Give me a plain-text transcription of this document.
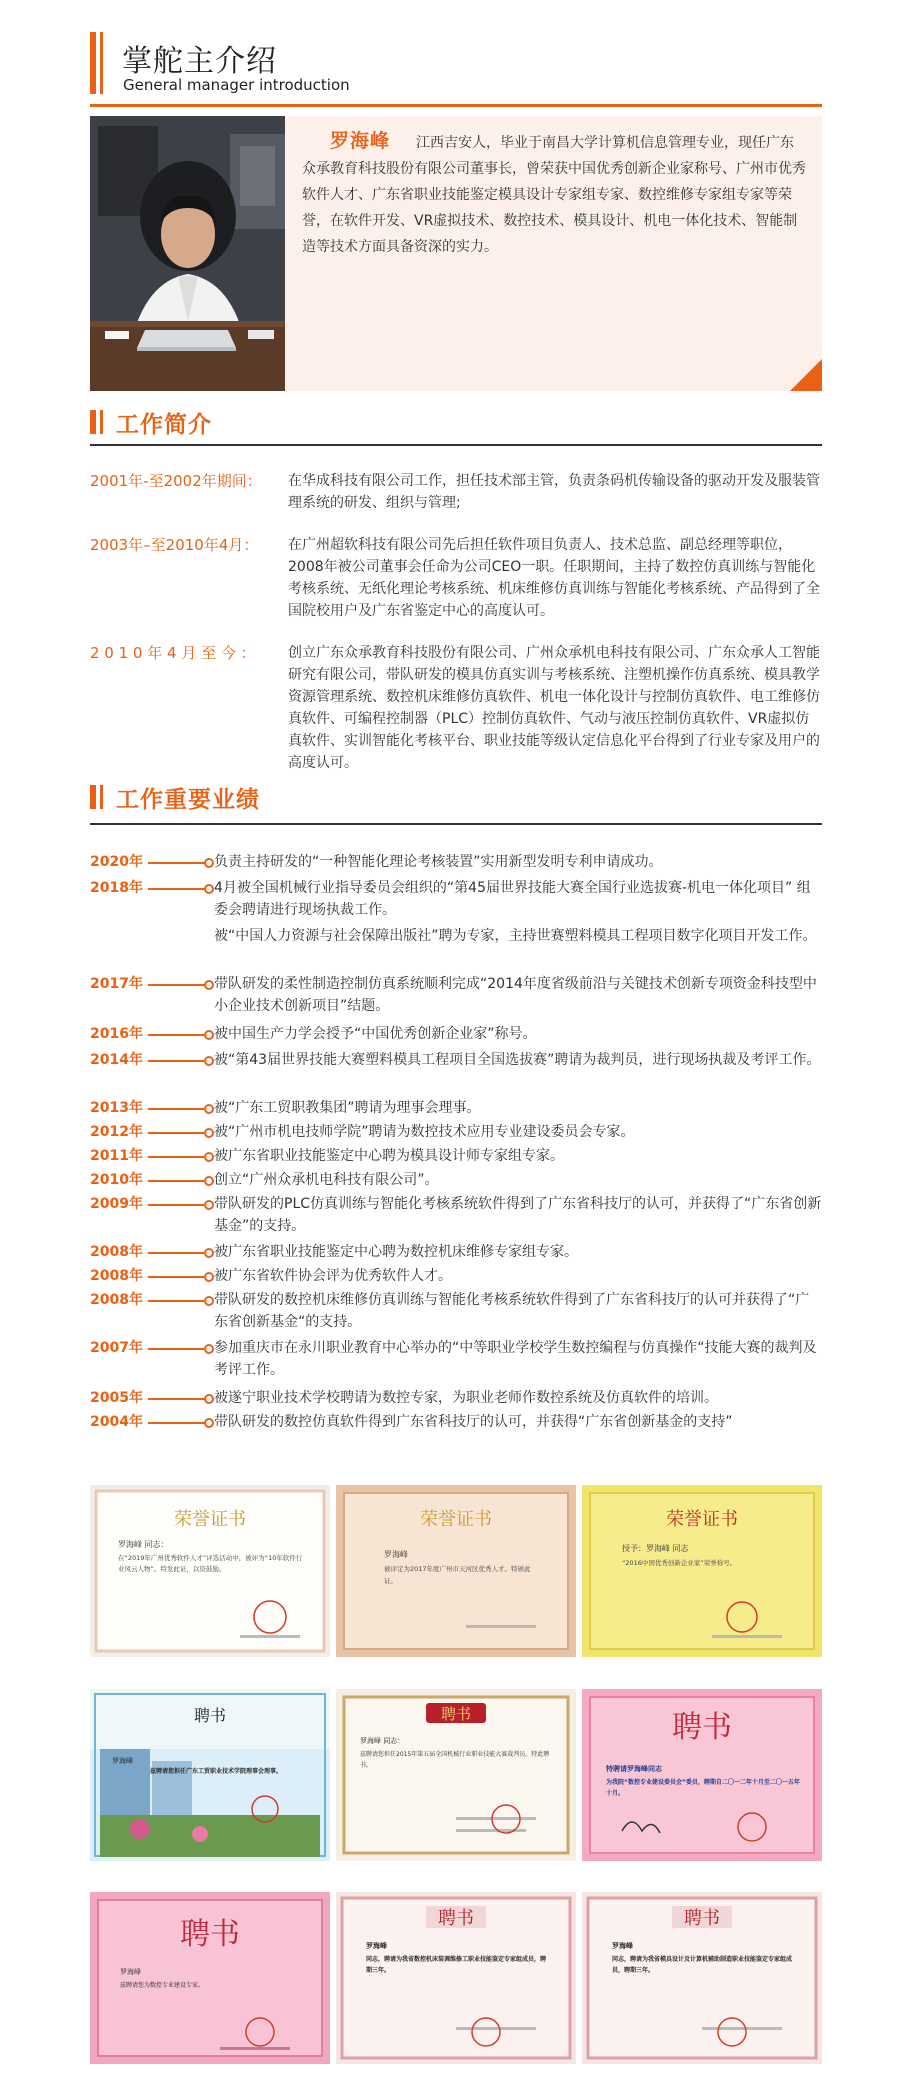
掌舵主介绍
General manager introduction
罗海峰 江西吉安人，毕业于南昌大学计算机信息管理专业，现任广东众承教育科技股份有限公司董事长，曾荣获中国优秀创新企业家称号、广州市优秀软件人才、广东省职业技能鉴定模具设计专家组专家、数控维修专家组专家等荣誉，在软件开发、VR虚拟技术、数控技术、模具设计、机电一体化技术、智能制造等技术方面具备资深的实力。
工作简介
2001年-至2002年期间：	在华成科技有限公司工作，担任技术部主管，负责条码机传输设备的驱动开发及服装管理系统的研发、组织与管理;
2003年–至2010年4月：	在广州超软科技有限公司先后担任软件项目负责人、技术总监、副总经理等职位，2008年被公司董事会任命为公司CEO一职。任职期间，主持了数控仿真训练与智能化考核系统、无纸化理论考核系统、机床维修仿真训练与智能化考核系统、产品得到了全国院校用户及广东省鉴定中心的高度认可。
2 0 1 0 年 4 月 至 今 ：	创立广东众承教育科技股份有限公司、广州众承机电科技有限公司、广东众承人工智能研究有限公司，带队研发的模具仿真实训与考核系统、注塑机操作仿真系统、模具教学资源管理系统、数控机床维修仿真软件、机电一体化设计与控制仿真软件、电工维修仿真软件、可编程控制器（PLC）控制仿真软件、气动与液压控制仿真软件、VR虚拟仿真软件、实训智能化考核平台、职业技能等级认定信息化平台得到了行业专家及用户的高度认可。
工作重要业绩
2020年	负责主持研发的“一种智能化理论考核装置”实用新型发明专利申请成功。
2018年	4月被全国机械行业指导委员会组织的“第45届世界技能大赛全国行业选拔赛-机电一体化项目” 组委会聘请进行现场执裁工作。
被“中国人力资源与社会保障出版社”聘为专家，主持世赛塑料模具工程项目数字化项目开发工作。
2017年	带队研发的柔性制造控制仿真系统顺利完成“2014年度省级前沿与关键技术创新专项资金科技型中小企业技术创新项目”结题。
2016年	被中国生产力学会授予“中国优秀创新企业家”称号。
2014年	被“第43届世界技能大赛塑料模具工程项目全国选拔赛”聘请为裁判员，进行现场执裁及考评工作。
2013年	被“广东工贸职教集团”聘请为理事会理事。
2012年	被“广州市机电技师学院”聘请为数控技术应用专业建设委员会专家。
2011年	被广东省职业技能鉴定中心聘为模具设计师专家组专家。
2010年	创立“广州众承机电科技有限公司”。
2009年	带队研发的PLC仿真训练与智能化考核系统软件得到了广东省科技厅的认可，并获得了“广东省创新基金”的支持。
2008年	被广东省职业技能鉴定中心聘为数控机床维修专家组专家。
2008年	被广东省软件协会评为优秀软件人才。
2008年	带队研发的数控机床维修仿真训练与智能化考核系统软件得到了广东省科技厅的认可并获得了“广东省创新基金“的支持。
2007年	参加重庆市在永川职业教育中心举办的“中等职业学校学生数控编程与仿真操作“技能大赛的裁判及考评工作。
2005年	被遂宁职业技术学校聘请为数控专家，为职业老师作数控系统及仿真软件的培训。
2004年	带队研发的数控仿真软件得到广东省科技厅的认可，并获得“广东省创新基金的支持”
荣誉证书
罗海峰 同志：
在“2019年广州优秀软件人才”评选活动中，被评为“10年软件行业风云人物”。特发此证，以资鼓励。
荣誉证书
罗海峰
被评定为2017年度广州市天河区优秀人才。特颁此证。
荣誉证书
授予：罗海峰 同志
“2016中国优秀创新企业家”荣誉称号。
聘书
罗海峰
兹聘请您担任广东工贸职业技术学院理事会理事。
聘书
罗海峰 同志：
兹聘请您担任2015年第五届全国机械行业职业技能大赛裁判员。特此聘书。
聘书
特聘请罗海峰同志
为我院“数控专业建设委员会”委员，聘期自二〇一二年十月至二〇一五年十月。
聘书
罗海峰
兹聘请您为数控专业建设专家。
聘书
罗海峰
同志，聘请为我省数控机床装调维修工职业技能鉴定专家组成员，聘期三年。
聘书
罗海峰
同志，聘请为我省模具设计及计算机辅助制造职业技能鉴定专家组成员，聘期三年。
